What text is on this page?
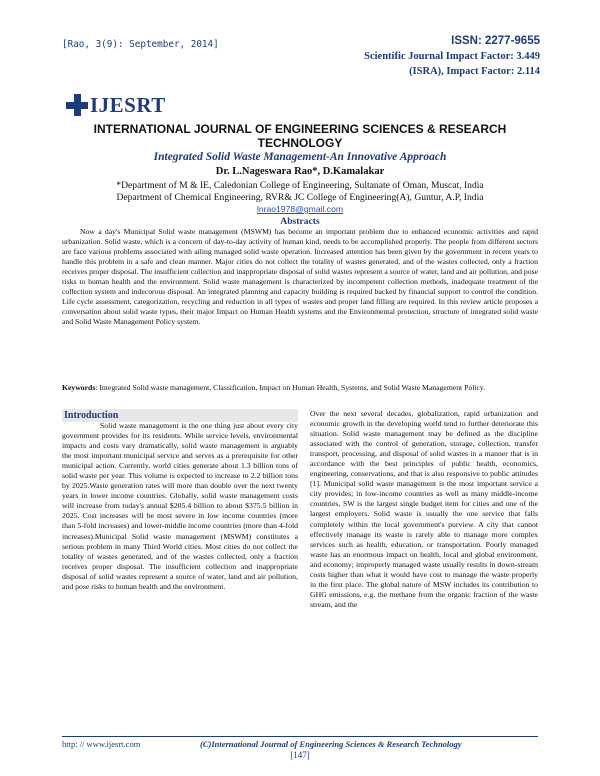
[Rao, 3(9): September, 2014]	ISSN: 2277-9655
Scientific Journal Impact Factor: 3.449
(ISRA), Impact Factor: 2.114
IJESRT
INTERNATIONAL JOURNAL OF ENGINEERING SCIENCES & RESEARCH TECHNOLOGY
Integrated Solid Waste Management-An Innovative Approach
Dr. L.Nageswara Rao*, D.Kamalakar
*Department of M & IE, Caledonian College of Engineering, Sultanate of Oman, Muscat, India
Department of Chemical Engineering, RVR& JC College of Engineering(A), Guntur, A.P, India
lnrao1978@gmail.com
Abstracts
Now a day's Municipal Solid waste management (MSWM) has become an important problem due to enhanced economic activities and rapid urbanization. Solid waste, which is a concern of day-to-day activity of human kind, needs to be accomplished properly. The people from different sectors are face various problems associated with ailing managed solid waste operation. Increased attention has been given by the government in recent years to handle this problem in a safe and clean manner. Major cities do not collect the totality of wastes generated, and of the wastes collected, only a fraction receives proper disposal. The insufficient collection and inappropriate disposal of solid wastes represent a source of water, land and air pollution, and pose risks to human health and the environment. Solid waste management is characterized by incompetent collection methods, inadequate treatment of the collection system and indecorous disposal. An integrated planning and capacity building is required backed by financial support to control the condition. Life cycle assessment, categorization, recycling and reduction in all types of wastes and proper land filling are required. In this review article proposes a conversation about solid waste types, their major Impact on Human Health systems and the Environmental protection, structure of integrated solid waste and Solid Waste Management Policy system.
Keywords: Integrated Solid waste management, Classification, Impact on Human Health, Systems, and Solid Waste Management Policy.
Introduction

Solid waste management is the one thing just about every city government provides for its residents. While service levels, environmental impacts and costs vary dramatically, solid waste management is arguably the most important municipal service and serves as a prerequisite for other municipal action. Currently, world cities generate about 1.3 billion tons of solid waste per year. This volume is expected to increase to 2.2 billion tons by 2025.Waste generation rates will more than double over the next twenty years in lower income countries. Globally, solid waste management costs will increase from today's annual $205.4 billion to about $375.5 billion in 2025. Cost increases will be most severe in low income countries (more than 5-fold increases) and lower-middle income countries (more than 4-fold increases).Municipal Solid waste management (MSWM) constitutes a serious problem in many Third World cities. Most cities do not collect the totality of wastes generated, and of the wastes collected, only a fraction receives proper disposal. The insufficient collection and inappropriate disposal of solid wastes represent a source of water, land and air pollution, and pose risks to human health and the environment.

Over the next several decades, globalization, rapid urbanization and economic growth in the developing world tend to further deteriorate this situation. Solid waste management may be defined as the discipline associated with the control of generation, storage, collection, transfer transport, processing, and disposal of solid wastes in a manner that is in accordance with the best principles of public health, economics, engineering, conservations, and that is also responsive to public attitudes [1]. Municipal solid waste management is the most important service a city provides; in low-income countries as well as many middle-income countries, SW is the largest single budget item for cities and one of the largest employers. Solid waste is usually the one service that falls completely within the local government's purview. A city that cannot effectively manage its waste is rarely able to manage more complex services such as health, education, or transportation. Poorly managed waste has an enormous impact on health, local and global environment, and economy; improperly managed waste usually results in down-stream costs higher than what it would have cost to manage the waste properly in the first place. The global nature of MSW includes its contribution to GHG emissions, e.g. the methane from the organic fraction of the waste stream, and the
http: // www.ijesrt.com	(C)International Journal of Engineering Sciences & Research Technology
[147]
